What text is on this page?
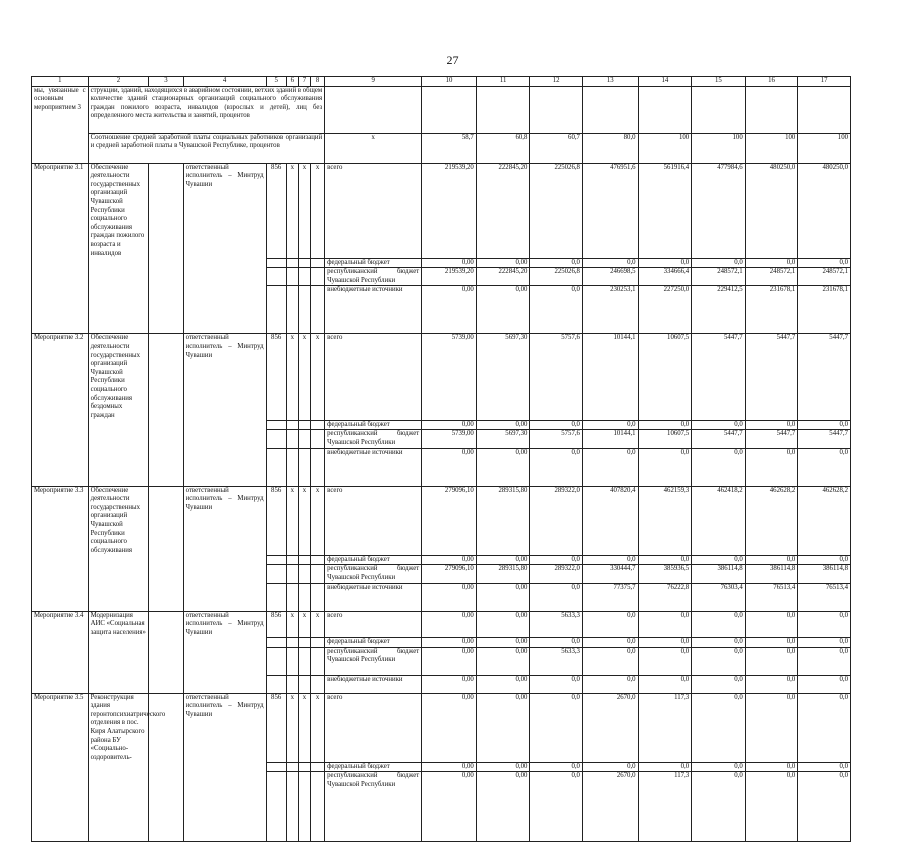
27
1	2	3	4	5	6	7	8	9	10	11	12	13	14	15	16	17
мы, увязанные с основным мероприятием 3	струкции, зданий, находящихся в аварийном состоянии, ветхих зданий в общем количестве зданий стационарных организаций социального обслуживания граждан пожилого возраста, инвалидов (взрослых и детей), лиц без определенного места жительства и занятий, процентов															
	Соотношение средней заработной платы социальных работников организаций и средней заработной платы в Чувашской Республике, процентов							x	58,7	60,8	60,7	80,0	100	100	100	100
Мероприятие 3.1	Обеспечение деятельности государственных организаций Чувашской Республики социального обслуживания граждан пожилого возраста и инвалидов		ответственный исполнитель – Минтруд Чувашии	856	x	x	x	всего	219539,20	222845,20	225026,8	476951,6	561916,4	477984,6	480250,0	480250,0
								федеральный бюджет	0,00	0,00	0,0	0,0	0,0	0,0	0,0	0,0
								республиканский бюджет Чувашской Республики	219539,20	222845,20	225026,8	246698,5	334666,4	248572,1	248572,1	248572,1
								внебюджетные источники	0,00	0,00	0,0	230253,1	227250,0	229412,5	231678,1	231678,1
Мероприятие 3.2	Обеспечение деятельности государственных организаций Чувашской Республики социального обслуживания бездомных граждан		ответственный исполнитель – Минтруд Чувашии	856	x	x	x	всего	5739,00	5697,30	5757,6	10144,1	10607,5	5447,7	5447,7	5447,7
								федеральный бюджет	0,00	0,00	0,0	0,0	0,0	0,0	0,0	0,0
								республиканский бюджет Чувашской Республики	5739,00	5697,30	5757,6	10144,1	10607,5	5447,7	5447,7	5447,7
								внебюджетные источники	0,00	0,00	0,0	0,0	0,0	0,0	0,0	0,0
Мероприятие 3.3	Обеспечение деятельности государственных организаций Чувашской Республики социального обслуживания		ответственный исполнитель – Минтруд Чувашии	856	x	x	x	всего	279096,10	289315,80	289322,0	407820,4	462159,3	462418,2	462628,2	462628,2
								федеральный бюджет	0,00	0,00	0,0	0,0	0,0	0,0	0,0	0,0
								республиканский бюджет Чувашской Республики	279096,10	289315,80	289322,0	330444,7	385936,5	386114,8	386114,8	386114,8
								внебюджетные источники	0,00	0,00	0,0	77375,7	76222,8	76303,4	76513,4	76513,4
Мероприятие 3.4	Модернизация АИС «Социальная защита населения»		ответственный исполнитель – Минтруд Чувашии	856	x	x	x	всего	0,00	0,00	5633,3	0,0	0,0	0,0	0,0	0,0
								федеральный бюджет	0,00	0,00	0,0	0,0	0,0	0,0	0,0	0,0
								республиканский бюджет Чувашской Республики	0,00	0,00	5633,3	0,0	0,0	0,0	0,0	0,0
								внебюджетные источники	0,00	0,00	0,0	0,0	0,0	0,0	0,0	0,0
Мероприятие 3.5	Реконструкция здания геронтопсихиатрического отделения в пос. Киря Алатырского района БУ «Социально-оздоровитель-		ответственный исполнитель – Минтруд Чувашии	856	x	x	x	всего	0,00	0,00	0,0	2670,0	117,3	0,0	0,0	0,0
								федеральный бюджет	0,00	0,00	0,0	0,0	0,0	0,0	0,0	0,0
								республиканский бюджет Чувашской Республики	0,00	0,00	0,0	2670,0	117,3	0,0	0,0	0,0
